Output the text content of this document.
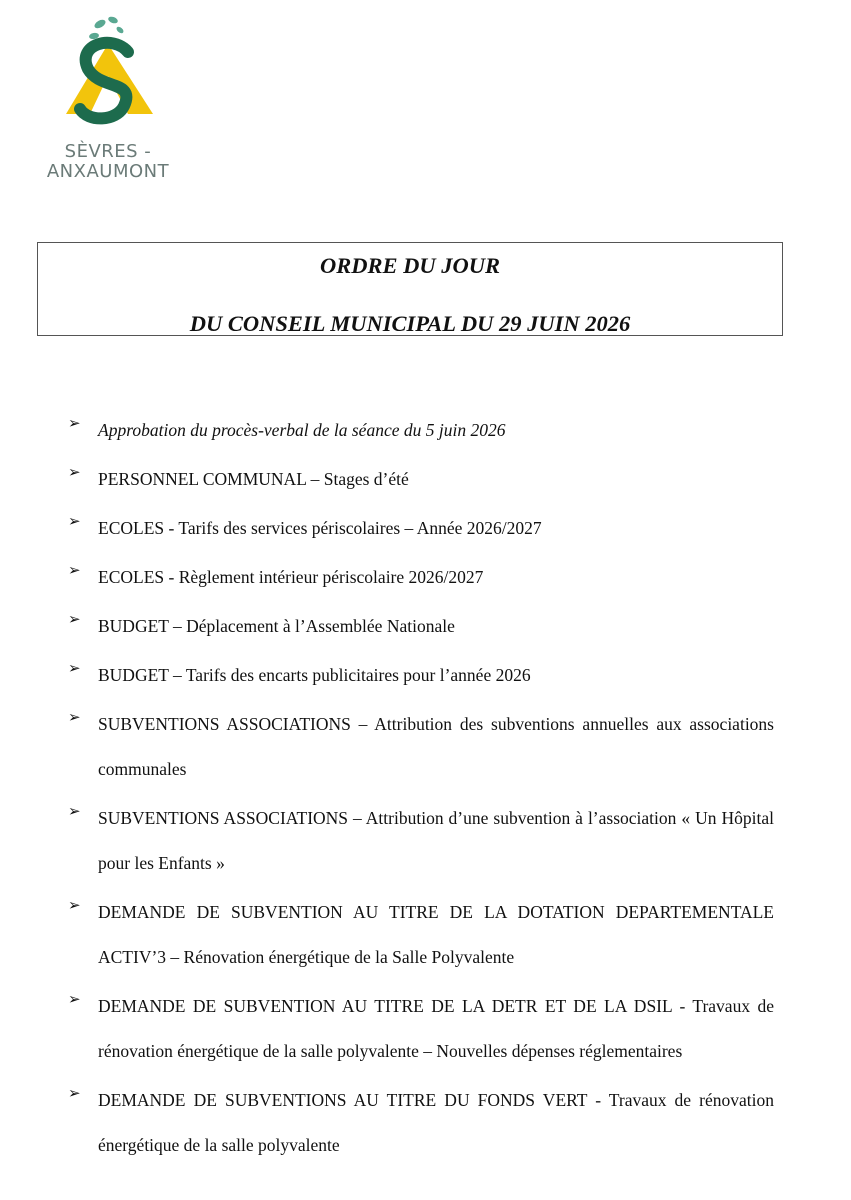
SÈVRES -
ANXAUMONT
ORDRE DU JOUR
DU CONSEIL MUNICIPAL DU 29 JUIN 2026
➢ Approbation du procès-verbal de la séance du 5 juin 2026
➢ PERSONNEL COMMUNAL – Stages d’été
➢ ECOLES - Tarifs des services périscolaires – Année 2026/2027
➢ ECOLES - Règlement intérieur périscolaire 2026/2027
➢ BUDGET – Déplacement à l’Assemblée Nationale
➢ BUDGET – Tarifs des encarts publicitaires pour l’année 2026
➢ SUBVENTIONS ASSOCIATIONS – Attribution des subventions annuelles aux associations communales
➢ SUBVENTIONS ASSOCIATIONS – Attribution d’une subvention à l’association « Un Hôpital pour les Enfants »
➢ DEMANDE DE SUBVENTION AU TITRE DE LA DOTATION DEPARTEMENTALE ACTIV’3 – Rénovation énergétique de la Salle Polyvalente
➢ DEMANDE DE SUBVENTION AU TITRE DE LA DETR ET DE LA DSIL - Travaux de rénovation énergétique de la salle polyvalente – Nouvelles dépenses réglementaires
➢ DEMANDE DE SUBVENTIONS AU TITRE DU FONDS VERT - Travaux de rénovation énergétique de la salle polyvalente
